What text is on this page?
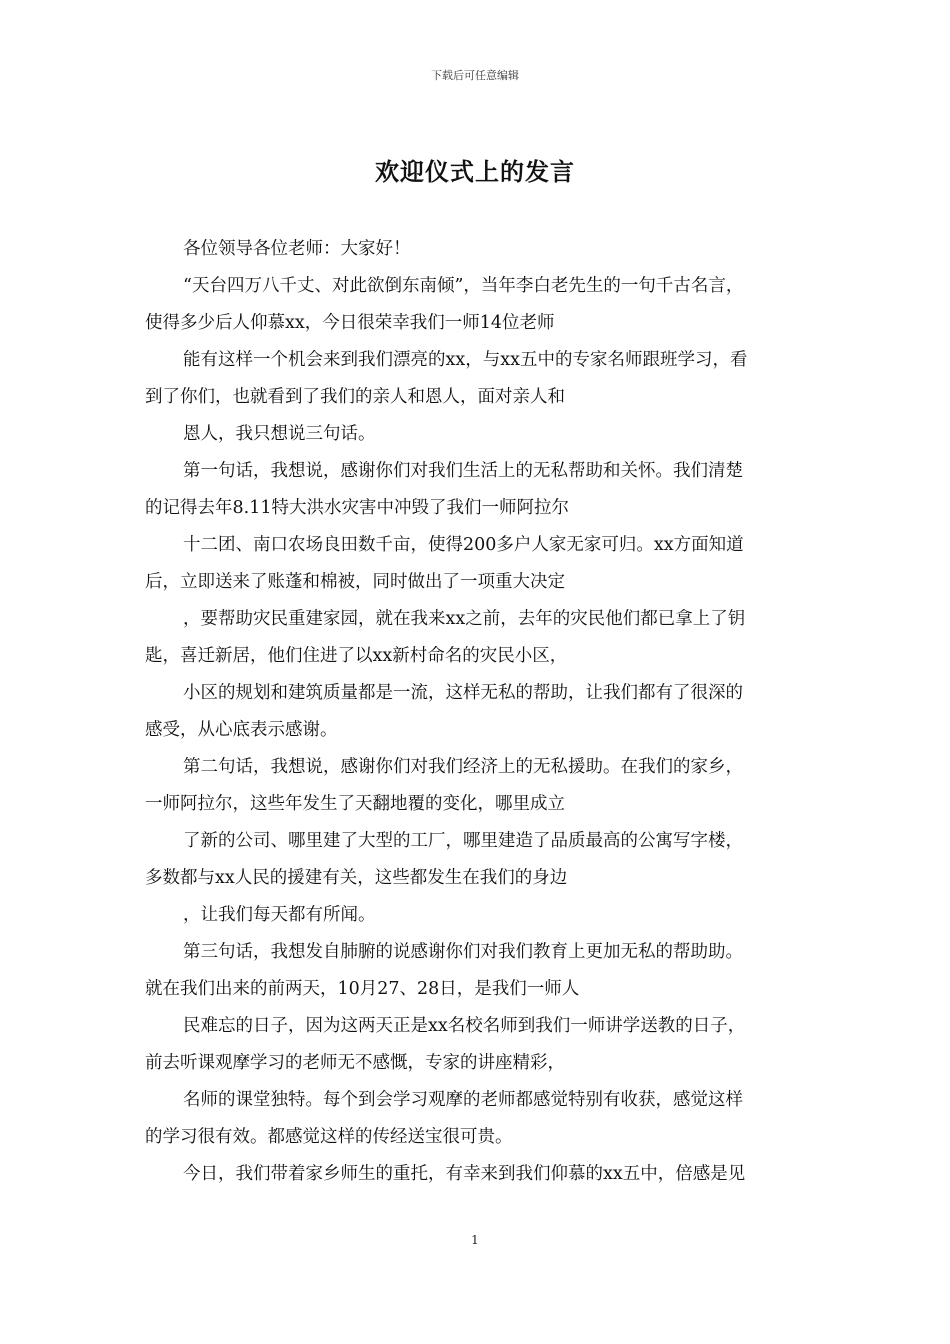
下载后可任意编辑
欢迎仪式上的发言
各位领导各位老师：大家好！
“天台四万八千丈、对此欲倒东南倾”，当年李白老先生的一句千古名言，
使得多少后人仰慕xx，今日很荣幸我们一师14位老师
能有这样一个机会来到我们漂亮的xx，与xx五中的专家名师跟班学习，看
到了你们，也就看到了我们的亲人和恩人，面对亲人和
恩人，我只想说三句话。
第一句话，我想说，感谢你们对我们生活上的无私帮助和关怀。我们清楚
的记得去年8.11特大洪水灾害中冲毁了我们一师阿拉尔
十二团、南口农场良田数千亩，使得200多户人家无家可归。xx方面知道
后，立即送来了账蓬和棉被，同时做出了一项重大决定
，要帮助灾民重建家园，就在我来xx之前，去年的灾民他们都已拿上了钥
匙，喜迁新居，他们住进了以xx新村命名的灾民小区，
小区的规划和建筑质量都是一流，这样无私的帮助，让我们都有了很深的
感受，从心底表示感谢。
第二句话，我想说，感谢你们对我们经济上的无私援助。在我们的家乡，
一师阿拉尔，这些年发生了天翻地覆的变化，哪里成立
了新的公司、哪里建了大型的工厂，哪里建造了品质最高的公寓写字楼，
多数都与xx人民的援建有关，这些都发生在我们的身边
，让我们每天都有所闻。
第三句话，我想发自肺腑的说感谢你们对我们教育上更加无私的帮助助。
就在我们出来的前两天，10月27、28日，是我们一师人
民难忘的日子，因为这两天正是xx名校名师到我们一师讲学送教的日子，
前去听课观摩学习的老师无不感慨，专家的讲座精彩，
名师的课堂独特。每个到会学习观摩的老师都感觉特别有收获，感觉这样
的学习很有效。都感觉这样的传经送宝很可贵。
今日，我们带着家乡师生的重托，有幸来到我们仰慕的xx五中，倍感是见
1
